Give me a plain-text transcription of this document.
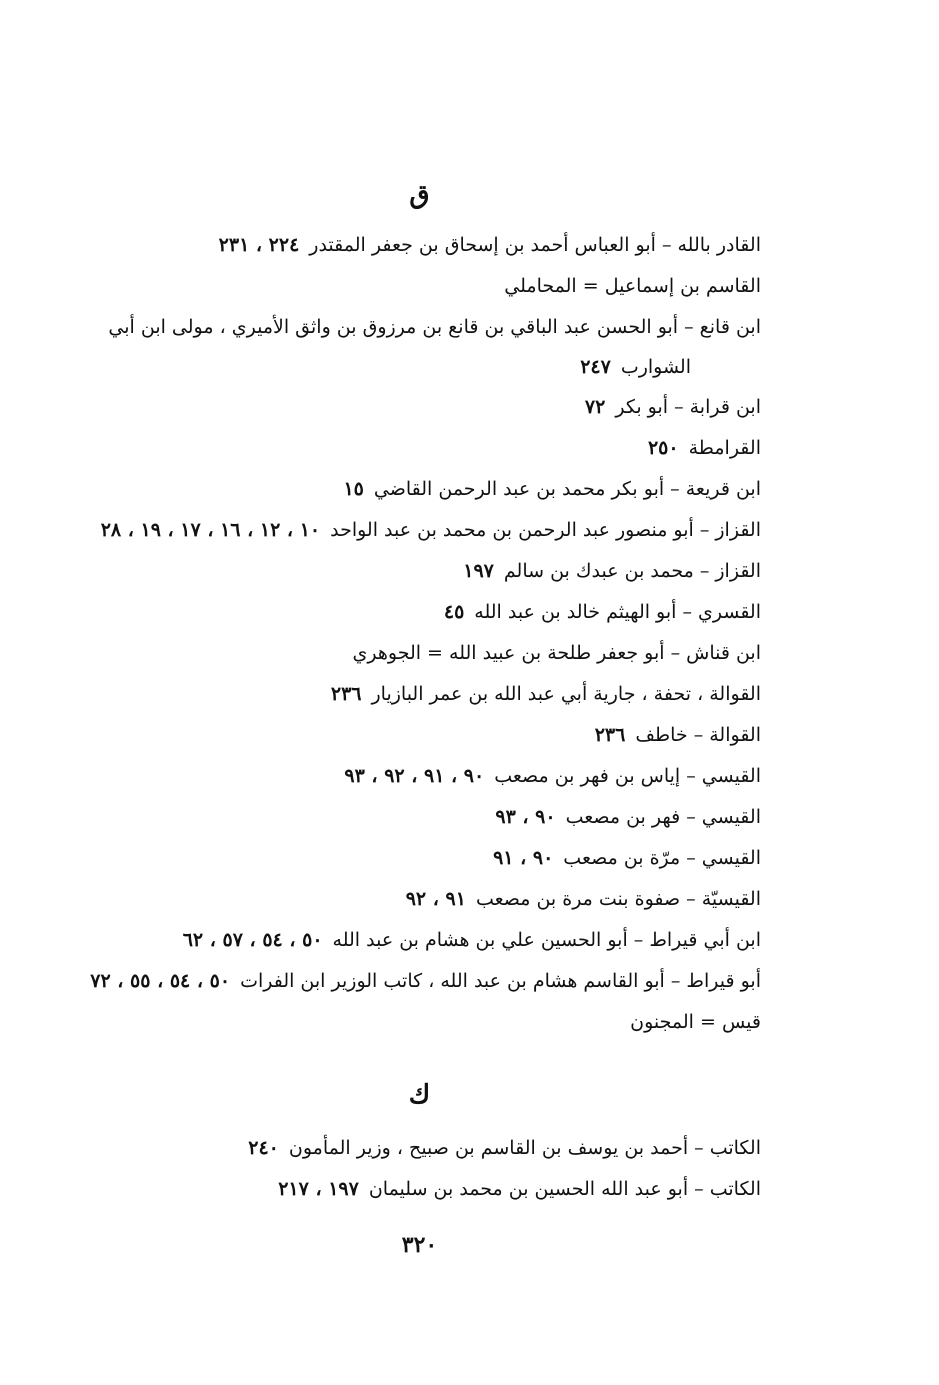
ق
القادر بالله – أبو العباس أحمد بن إسحاق بن جعفر المقتدر٢٢٤ ، ٢٣١
القاسم بن إسماعيل = المحاملي
ابن قانع – أبو الحسن عبد الباقي بن قانع بن مرزوق بن واثق الأميري ، مولى ابن أبي
الشوارب٢٤٧
ابن قرابة – أبو بكر٧٢
القرامطة٢٥٠
ابن قريعة – أبو بكر محمد بن عبد الرحمن القاضي١٥
القزاز – أبو منصور عبد الرحمن بن محمد بن عبد الواحد١٠ ، ١٢ ، ١٦ ، ١٧ ، ١٩ ، ٢٨
القزاز – محمد بن عبدك بن سالم١٩٧
القسري – أبو الهيثم خالد بن عبد الله٤٥
ابن قناش – أبو جعفر طلحة بن عبيد الله = الجوهري
القوالة ، تحفة ، جارية أبي عبد الله بن عمر البازيار٢٣٦
القوالة – خاطف٢٣٦
القيسي – إياس بن فهر بن مصعب٩٠ ، ٩١ ، ٩٢ ، ٩٣
القيسي – فهر بن مصعب٩٠ ، ٩٣
القيسي – مرّة بن مصعب٩٠ ، ٩١
القيسيّة – صفوة بنت مرة بن مصعب٩١ ، ٩٢
ابن أبي قيراط – أبو الحسين علي بن هشام بن عبد الله٥٠ ، ٥٤ ، ٥٧ ، ٦٢
أبو قيراط – أبو القاسم هشام بن عبد الله ، كاتب الوزير ابن الفرات٥٠ ، ٥٤ ، ٥٥ ، ٧٢
قيس = المجنون
ك
الكاتب – أحمد بن يوسف بن القاسم بن صبيح ، وزير المأمون٢٤٠
الكاتب – أبو عبد الله الحسين بن محمد بن سليمان١٩٧ ، ٢١٧
٣٢٠
